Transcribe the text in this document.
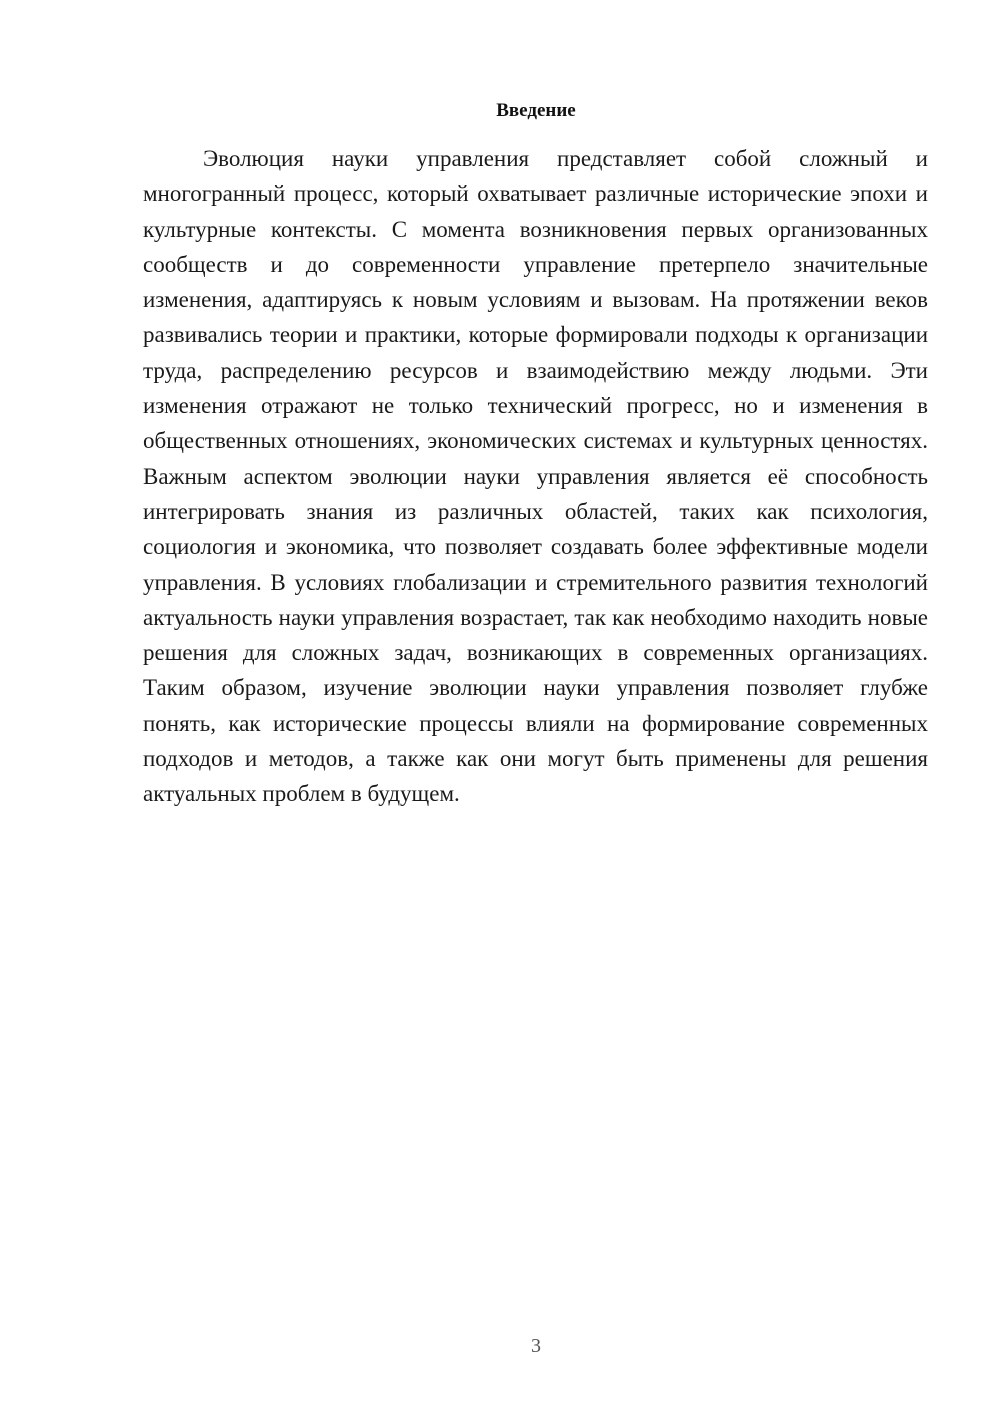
Введение

Эволюция науки управления представляет собой сложный и многогранный процесс, который охватывает различные исторические эпохи и культурные контексты. С момента возникновения первых организованных сообществ и до современности управление претерпело значительные изменения, адаптируясь к новым условиям и вызовам. На протяжении веков развивались теории и практики, которые формировали подходы к организации труда, распределению ресурсов и взаимодействию между людьми. Эти изменения отражают не только технический прогресс, но и изменения в общественных отношениях, экономических системах и культурных ценностях. Важным аспектом эволюции науки управления является её способность интегрировать знания из различных областей, таких как психология, социология и экономика, что позволяет создавать более эффективные модели управления. В условиях глобализации и стремительного развития технологий актуальность науки управления возрастает, так как необходимо находить новые решения для сложных задач, возникающих в современных организациях. Таким образом, изучение эволюции науки управления позволяет глубже понять, как исторические процессы влияли на формирование современных подходов и методов, а также как они могут быть применены для решения актуальных проблем в будущем.

3
